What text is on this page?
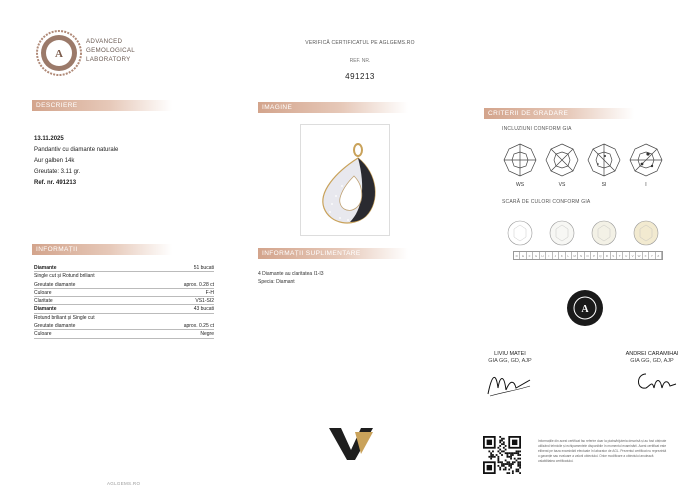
A
ADVANCED
GEMOLOGICAL
LABORATORY
VERIFICĂ CERTIFICATUL PE AGLGEMS.RO
REF. NR.
491213
DESCRIERE	IMAGINE
CRITERII DE GRADARE
INFORMAȚII
INFORMAȚII SUPLIMENTARE
13.11.2025
Pandantiv cu diamante naturale
Aur galben 14k
Greutate: 3.11 gr.
Ref. nr. 491213
INCLUZIUNI CONFORM GIA
WS	VS	SI	I
SCARĂ DE CULORI CONFORM GIA
D	E	F	G	H	I	J	K	L	M	N	O	P	Q	R	S	T	U	V	W	X	Y	Z
A
Diamante	51 bucati
Single cut și Rotund briliant
Greutate diamante	aprox. 0.28 ct
Culoare	F-H
Claritate	VS1-SI2
Diamante	43 bucati
Rotund briliant și Single cut
Greutate diamante	aprox. 0.25 ct
Culoare	Negre
4 Diamante au claritatea I1-I3
Specia: Diamant
LIVIU MATEI
GIA GG, GD, AJP
ANDREI CARAMIHAI
GIA GG, GD, AJP
Informațiile din acest certificat fac referire doar la piatra/bijuteria descrisă și au fost obținute utilizând tehnicile și echipamentele disponibile în momentul examinării. Acest certificat este eliberat pe baza examinării efectuate în laborator de AGL. Prezentul certificat nu reprezintă o garanție sau evaluare a valorii obiectului. Orice modificare a obiectului anulează valabilitatea certificatului.
AGLGEMS.RO
